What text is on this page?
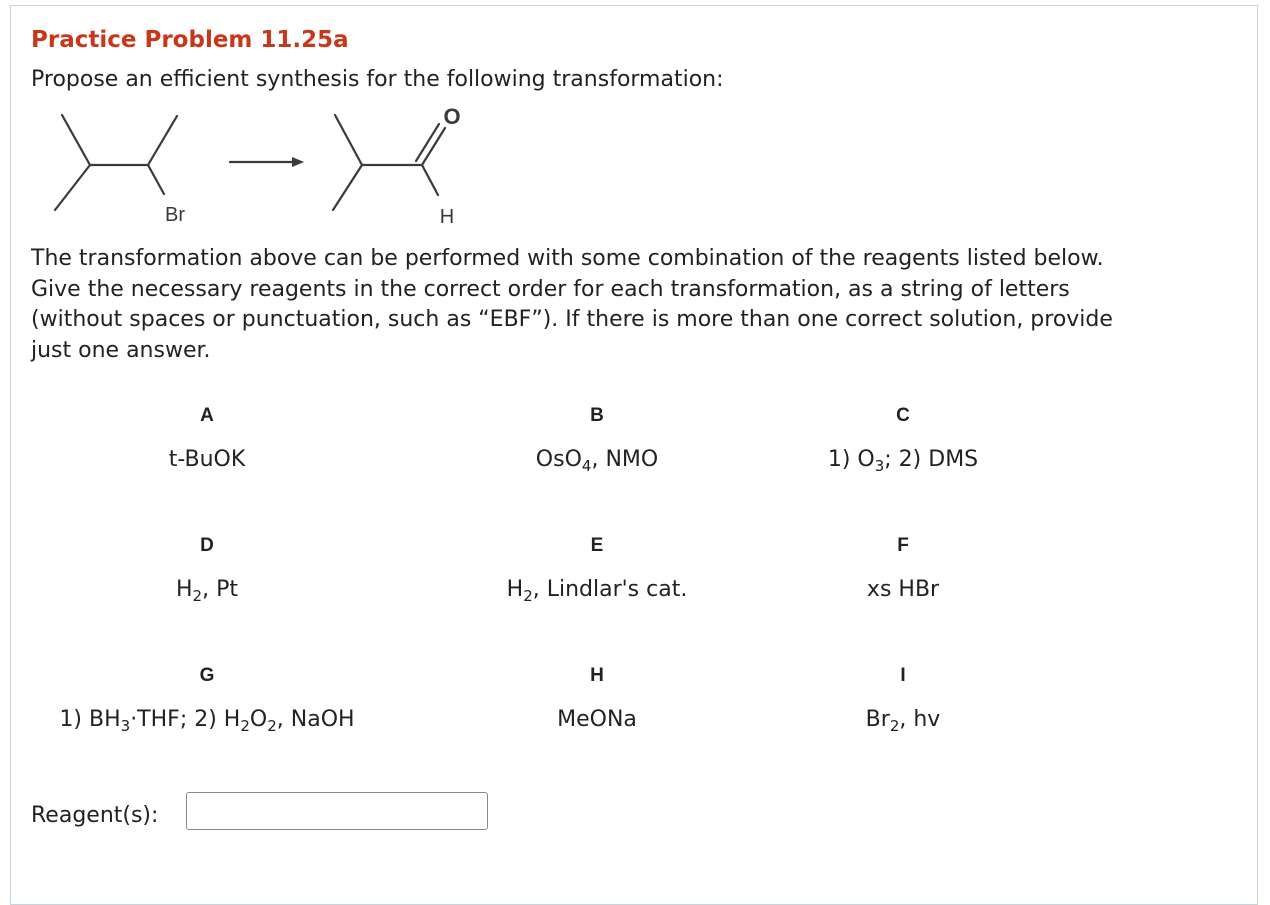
Practice Problem 11.25a
Propose an efficient synthesis for the following transformation:
Br
O
H
The transformation above can be performed with some combination of the reagents listed below.
Give the necessary reagents in the correct order for each transformation, as a string of letters
(without spaces or punctuation, such as “EBF”). If there is more than one correct solution, provide
just one answer.
A
t-BuOK
B
OsO$_4$, NMO
C
1) $O_3$; 2) DMS
D
$H_2$, Pt
E
$H_2$, Lindlar's cat.
F
xs HBr
G
1) $BH_3\cdot THF$; 2) $H_2O_2$, NaOH
H
MeONa
I
$Br_2$, hv
Reagent(s):
